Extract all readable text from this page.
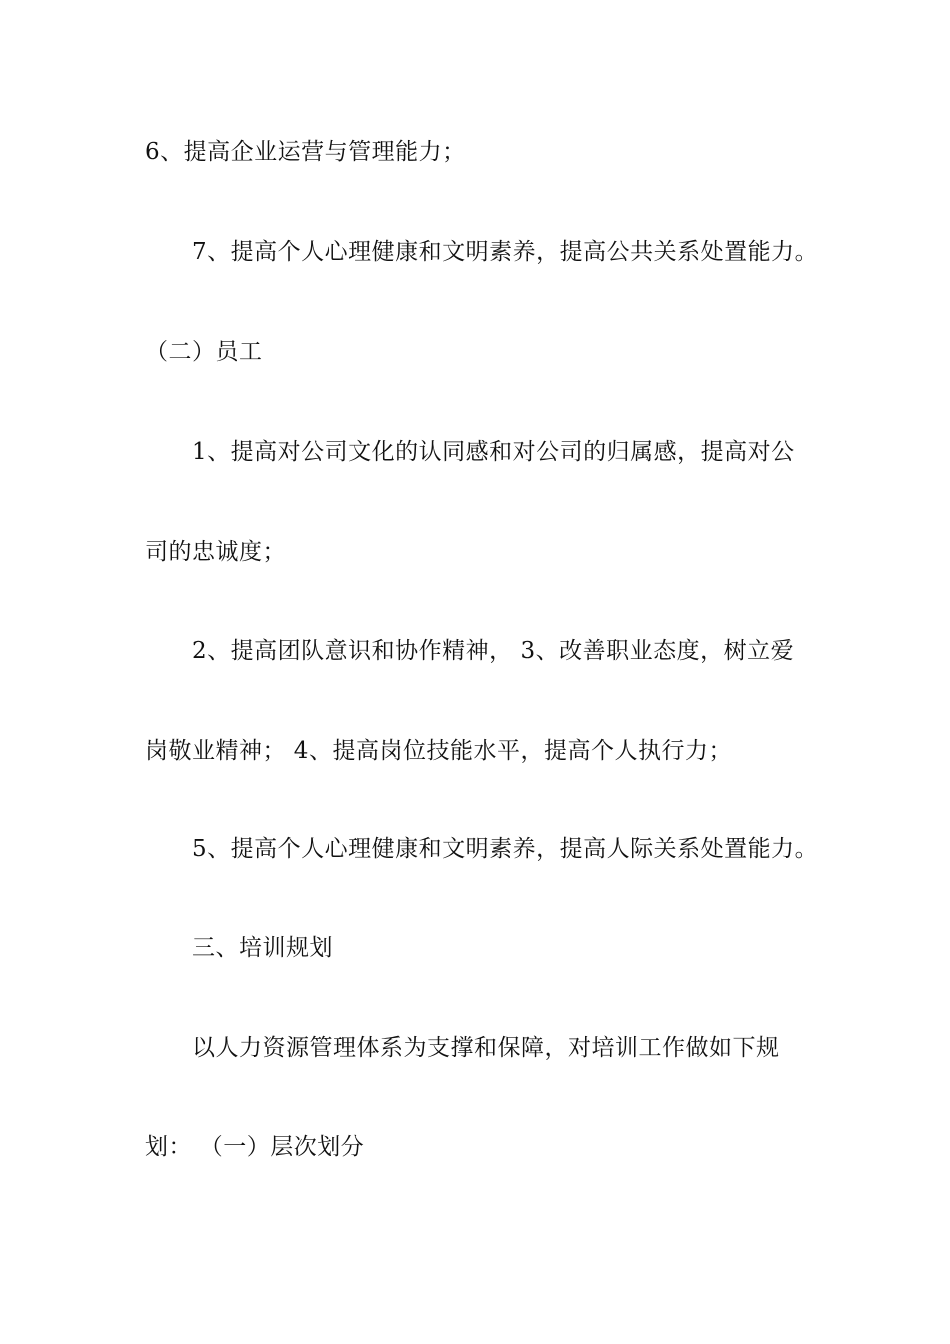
6、提高企业运营与管理能力；
7、提高个人心理健康和文明素养，提高公共关系处置能力。
（二）员工
1、提高对公司文化的认同感和对公司的归属感，提高对公
司的忠诚度；
2、提高团队意识和协作精神， 3、改善职业态度，树立爱
岗敬业精神； 4、提高岗位技能水平，提高个人执行力；
5、提高个人心理健康和文明素养，提高人际关系处置能力。
三、培训规划
以人力资源管理体系为支撑和保障，对培训工作做如下规
划： （一）层次划分
